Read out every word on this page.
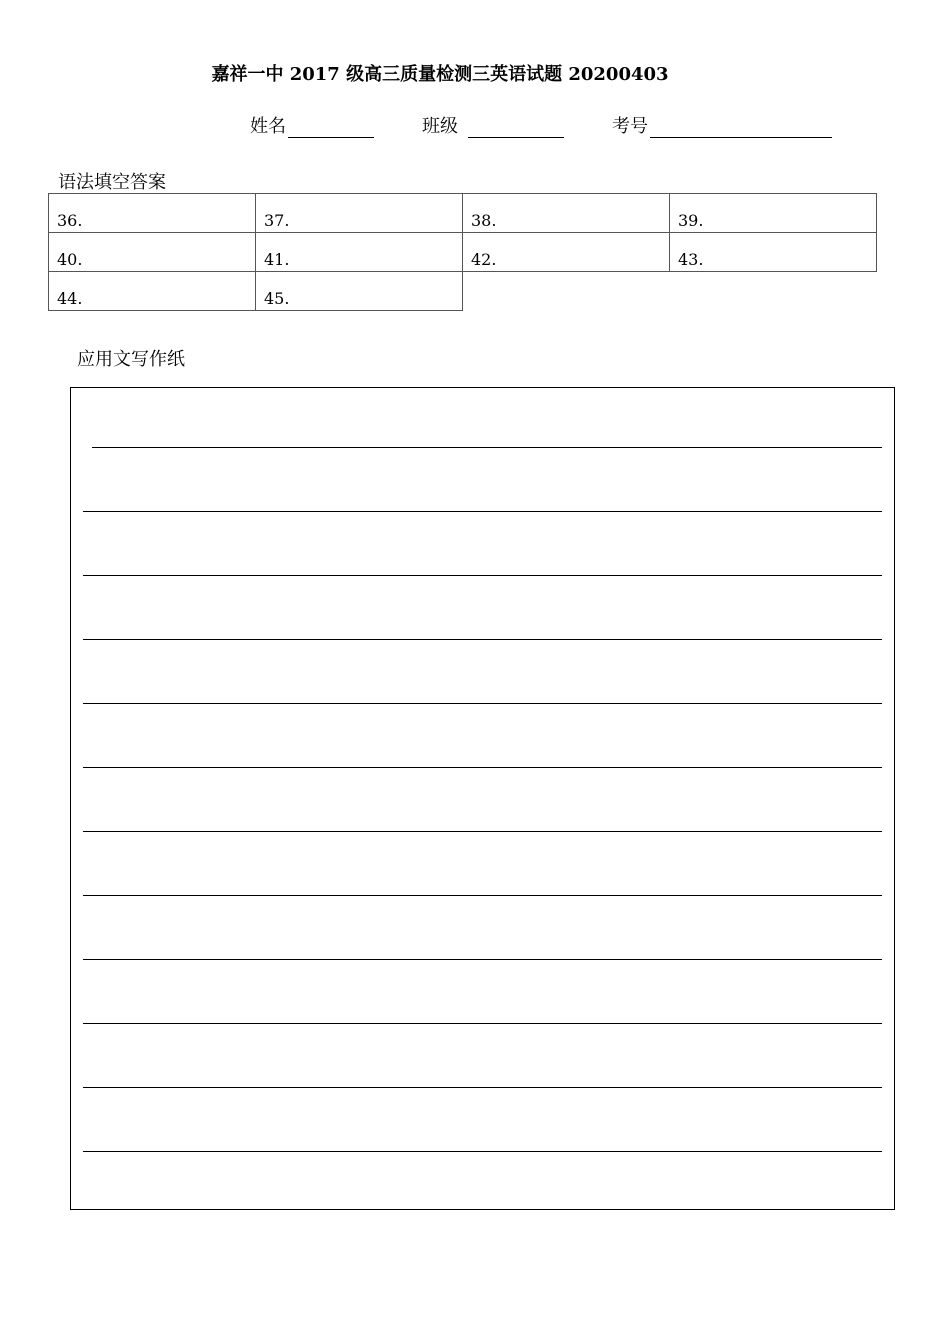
嘉祥一中 2017 级高三质量检测三英语试题 20200403
姓名	班级	考号
语法填空答案
36.	37.	38.	39.
40.	41.	42.	43.
44.	45.		
应用文写作纸
